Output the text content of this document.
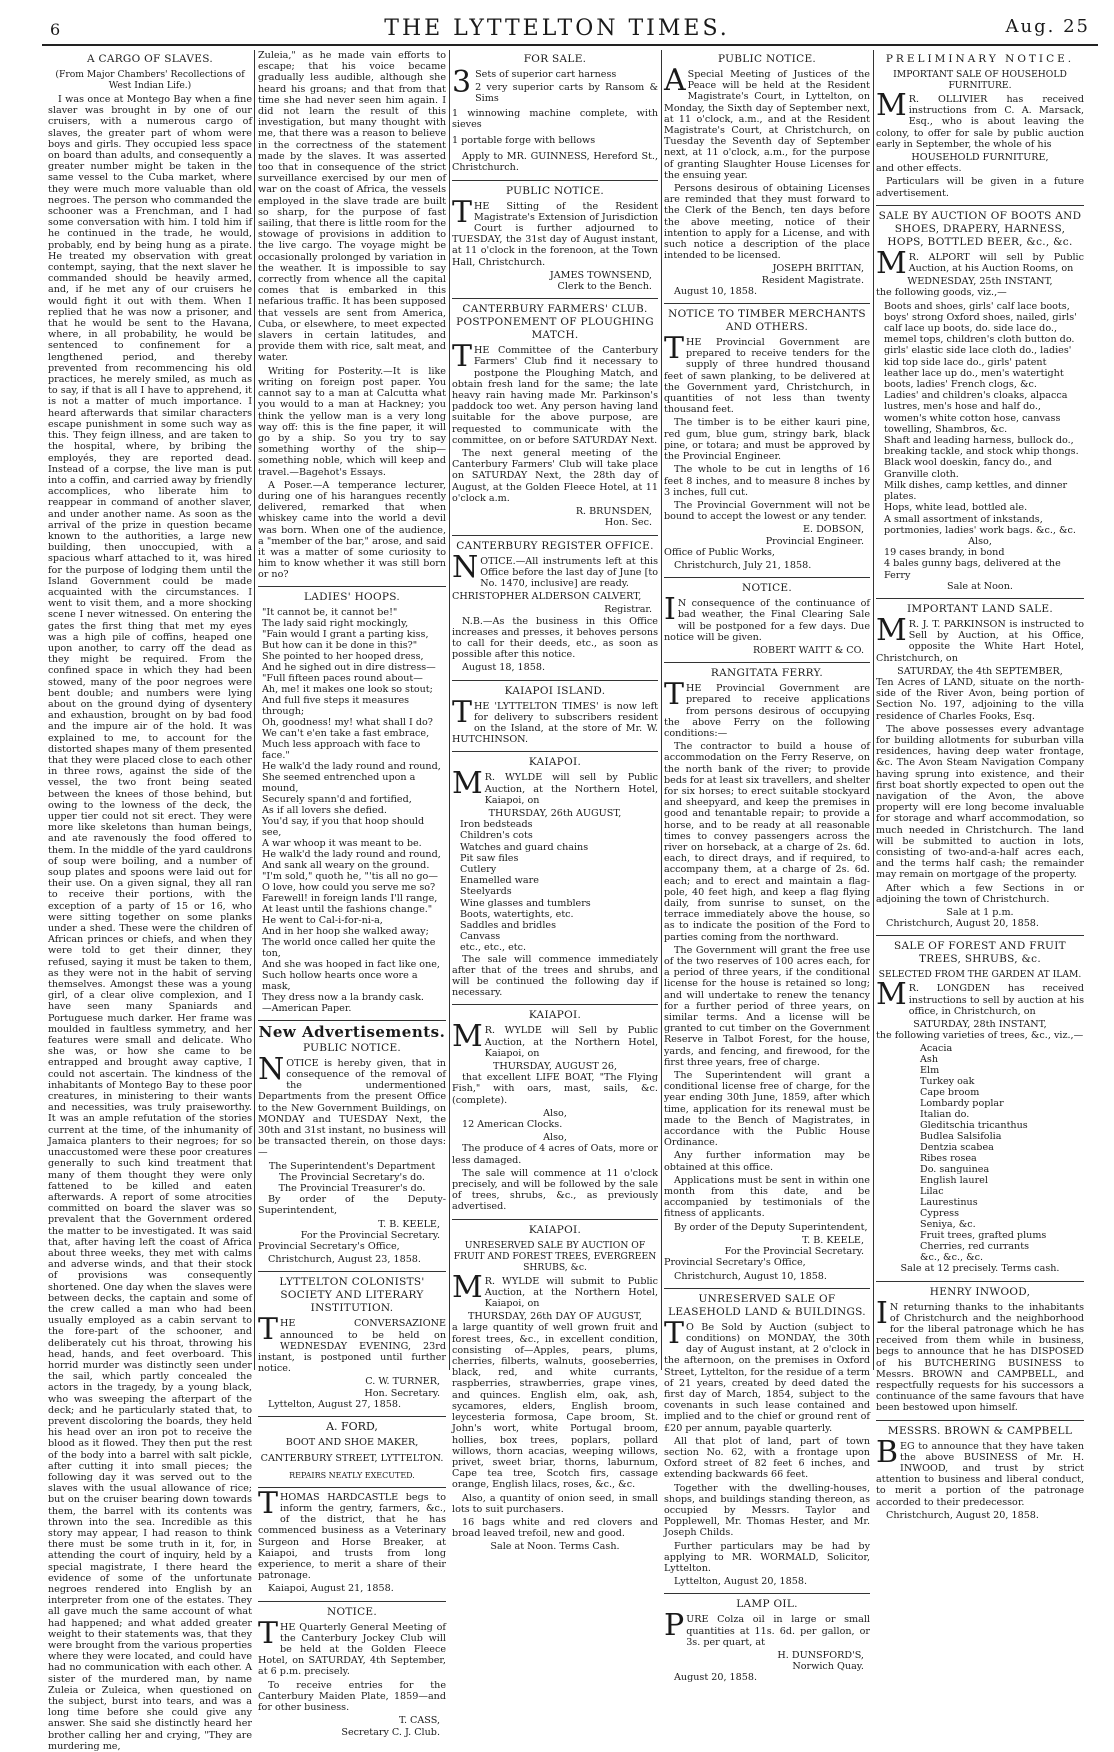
6	THE LYTTELTON TIMES.	Aug. 25
A CARGO OF SLAVES.
(From Major Chambers' Recollections of West Indian Life.)

I was once at Montego Bay when a fine slaver was brought in by one of our cruisers, with a numerous cargo of slaves, the greater part of whom were boys and girls. They occupied less space on board than adults, and consequently a greater number might be taken in the same vessel to the Cuba market, where they were much more valuable than old negroes. The person who commanded the schooner was a Frenchman, and I had some conversation with him. I told him if he continued in the trade, he would, probably, end by being hung as a pirate. He treated my observation with great contempt, saying, that the next slaver he commanded should be heavily armed, and, if he met any of our cruisers he would fight it out with them. When I replied that he was now a prisoner, and that he would be sent to the Havana, where, in all probability, he would be sentenced to confinement for a lengthened period, and thereby prevented from recommencing his old practices, he merely smiled, as much as to say, if that is all I have to apprehend, it is not a matter of much importance. I heard afterwards that similar characters escape punishment in some such way as this. They feign illness, and are taken to the hospital, where, by bribing the employés, they are reported dead. Instead of a corpse, the live man is put into a coffin, and carried away by friendly accomplices, who liberate him to reappear in command of another slaver, and under another name. As soon as the arrival of the prize in question became known to the authorities, a large new building, then unoccupied, with a spacious wharf attached to it, was hired for the purpose of lodging them until the Island Government could be made acquainted with the circumstances. I went to visit them, and a more shocking scene I never witnessed. On entering the gates the first thing that met my eyes was a high pile of coffins, heaped one upon another, to carry off the dead as they might be required. From the confined space in which they had been stowed, many of the poor negroes were bent double; and numbers were lying about on the ground dying of dysentery and exhaustion, brought on by bad food and the impure air of the hold. It was explained to me, to account for the distorted shapes many of them presented that they were placed close to each other in three rows, against the side of the vessel, the two front being seated between the knees of those behind, but owing to the lowness of the deck, the upper tier could not sit erect. They were more like skeletons than human beings, and ate ravenously the food offered to them. In the middle of the yard cauldrons of soup were boiling, and a number of soup plates and spoons were laid out for their use. On a given signal, they all ran to receive their portions, with the exception of a party of 15 or 16, who were sitting together on some planks under a shed. These were the children of African princes or chiefs, and when they were told to get their dinner, they refused, saying it must be taken to them, as they were not in the habit of serving themselves. Amongst these was a young girl, of a clear olive complexion, and I have seen many Spaniards and Portuguese much darker. Her frame was moulded in faultless symmetry, and her features were small and delicate. Who she was, or how she came to be entrapped and brought away captive, I could not ascertain. The kindness of the inhabitants of Montego Bay to these poor creatures, in ministering to their wants and necessities, was truly praiseworthy. It was an ample refutation of the stories current at the time, of the inhumanity of Jamaica planters to their negroes; for so unaccustomed were these poor creatures generally to such kind treatment that many of them thought they were only fattened to be killed and eaten afterwards. A report of some atrocities committed on board the slaver was so prevalent that the Government ordered the matter to be investigated. It was said that, after having left the coast of Africa about three weeks, they met with calms and adverse winds, and that their stock of provisions was consequently shortened. One day when the slaves were between decks, the captain and some of the crew called a man who had been usually employed as a cabin servant to the fore-part of the schooner, and deliberately cut his throat, throwing his head, hands, and feet overboard. This horrid murder was distinctly seen under the sail, which partly concealed the actors in the tragedy, by a young black, who was sweeping the afterpart of the deck; and he particularly stated that, to prevent discoloring the boards, they held his head over an iron pot to receive the blood as it flowed. They then put the rest of the body into a barrel with salt pickle, after cutting it into small pieces; the following day it was served out to the slaves with the usual allowance of rice; but on the cruiser bearing down towards them, the barrel with its contents was thrown into the sea. Incredible as this story may appear, I had reason to think there must be some truth in it, for, in attending the court of inquiry, held by a special magistrate, I there heard the evidence of some of the unfortunate negroes rendered into English by an interpreter from one of the estates. They all gave much the same account of what had happened; and what added greater weight to their statements was, that they were brought from the various properties where they were located, and could have had no communication with each other. A sister of the murdered man, by name Zuleia or Zuleica, when questioned on the subject, burst into tears, and was a long time before she could give any answer. She said she distinctly heard her brother calling her and crying, "They are murdering me,

Zuleia," as he made vain efforts to escape; that his voice became gradually less audible, although she heard his groans; and that from that time she had never seen him again. I did not learn the result of this investigation, but many thought with me, that there was a reason to believe in the correctness of the statement made by the slaves. It was asserted too that in consequence of the strict surveillance exercised by our men of war on the coast of Africa, the vessels employed in the slave trade are built so sharp, for the purpose of fast sailing, that there is little room for the stowage of provisions in addition to the live cargo. The voyage might be occasionally prolonged by variation in the weather. It is impossible to say correctly from whence all the capital comes that is embarked in this nefarious traffic. It has been supposed that vessels are sent from America, Cuba, or elsewhere, to meet expected slavers in certain latitudes, and provide them with rice, salt meat, and water.

Writing for Posterity.—It is like writing on foreign post paper. You cannot say to a man at Calcutta what you would to a man at Hackney; you think the yellow man is a very long way off: this is the fine paper, it will go by a ship. So you try to say something worthy of the ship—something noble, which will keep and travel.—Bagehot's Essays.

A Poser.—A temperance lecturer, during one of his harangues recently delivered, remarked that when whiskey came into the world a devil was born. When one of the audience, a "member of the bar," arose, and said it was a matter of some curiosity to him to know whether it was still born or no?

LADIES' HOOPS.

"It cannot be, it cannot be!"

The lady said right mockingly,

"Fain would I grant a parting kiss,

But how can it be done in this?"

She pointed to her hooped dress,

And he sighed out in dire distress—

"Full fifteen paces round about—

Ah, me! it makes one look so stout;

And full five steps it measures through;

Oh, goodness! my! what shall I do?

We can't e'en take a fast embrace,

Much less approach with face to face."

He walk'd the lady round and round,

She seemed entrenched upon a mound,

Securely spann'd and fortified,

As if all lovers she defied.

You'd say, if you that hoop should see,

A war whoop it was meant to be.

He walk'd the lady round and round,

And sank all weary on the ground.

"I'm sold," quoth he, "'tis all no go—

O love, how could you serve me so?

Farewell! in foreign lands I'll range,

At least until the fashions change."

He went to Cal-i-for-ni-a,

And in her hoop she walked away;

The world once called her quite the ton,

And she was hooped in fact like one,

Such hollow hearts once wore a mask,

They dress now a la brandy cask.

—American Paper.

New Advertisements.
PUBLIC NOTICE.

NOTICE is hereby given, that in consequence of the removal of the undermentioned Departments from the present Office to the New Government Buildings, on MONDAY and TUESDAY Next, the 30th and 31st instant, no business will be transacted therein, on those days:—

The Superintendent's Department

The Provincial Secretary's do.

The Provincial Treasurer's do.

By order of the Deputy-Superintendent,

T. B. KEELE,

For the Provincial Secretary.

Provincial Secretary's Office,

Christchurch, August 23, 1858.

LYTTELTON COLONISTS' SOCIETY AND LITERARY INSTITUTION.

THE CONVERSAZIONE announced to be held on WEDNESDAY EVENING, 23rd instant, is postponed until further notice.

C. W. TURNER,

Hon. Secretary.

Lyttelton, August 27, 1858.

A. FORD,

BOOT AND SHOE MAKER,

CANTERBURY STREET, LYTTELTON.

REPAIRS NEATLY EXECUTED.

THOMAS HARDCASTLE begs to inform the gentry, farmers, &c., of the district, that he has commenced business as a Veterinary Surgeon and Horse Breaker, at Kaiapoi, and trusts from long experience, to merit a share of their patronage.

Kaiapoi, August 21, 1858.

NOTICE.

THE Quarterly General Meeting of the Canterbury Jockey Club will be held at the Golden Fleece Hotel, on SATURDAY, 4th September, at 6 p.m. precisely.

To receive entries for the Canterbury Maiden Plate, 1859—and for other business.

T. CASS,

Secretary C. J. Club.

FOR SALE.
3 Sets of superior cart harness

2 very superior carts by Ransom & Sims

1 winnowing machine complete, with sieves

1 portable forge with bellows

Apply to MR. GUINNESS, Hereford St., Christchurch.

PUBLIC NOTICE.

THE Sitting of the Resident Magistrate's Extension of Jurisdiction Court is further adjourned to TUESDAY, the 31st day of August instant, at 11 o'clock in the forenoon, at the Town Hall, Christchurch.

JAMES TOWNSEND,

Clerk to the Bench.

CANTERBURY FARMERS' CLUB. POSTPONEMENT OF PLOUGHING MATCH.

THE Committee of the Canterbury Farmers' Club find it necessary to postpone the Ploughing Match, and obtain fresh land for the same; the late heavy rain having made Mr. Parkinson's paddock too wet. Any person having land suitable for the above purpose, are requested to communicate with the committee, on or before SATURDAY Next.

The next general meeting of the Canterbury Farmers' Club will take place on SATURDAY Next, the 28th day of August, at the Golden Fleece Hotel, at 11 o'clock a.m.

R. BRUNSDEN,

Hon. Sec.

CANTERBURY REGISTER OFFICE.

NOTICE.—All instruments left at this Office before the last day of June [to No. 1470, inclusive] are ready.

CHRISTOPHER ALDERSON CALVERT,

Registrar.

N.B.—As the business in this Office increases and presses, it behoves persons to call for their deeds, etc., as soon as possible after this notice.

August 18, 1858.

KAIAPOI ISLAND.

THE 'LYTTELTON TIMES' is now left for delivery to subscribers resident on the Island, at the store of Mr. W. HUTCHINSON.

KAIAPOI.

MR. WYLDE will sell by Public Auction, at the Northern Hotel, Kaiapoi, on

THURSDAY, 26th AUGUST,

Iron bedsteads

Children's cots

Watches and guard chains

Pit saw files

Cutlery

Enamelled ware

Steelyards

Wine glasses and tumblers

Boots, watertights, etc.

Saddles and bridles

Canvass

etc., etc., etc.

The sale will commence immediately after that of the trees and shrubs, and will be continued the following day if necessary.

KAIAPOI.

MR. WYLDE will Sell by Public Auction, at the Northern Hotel, Kaiapoi, on

THURSDAY, AUGUST 26,

that excellent LIFE BOAT, "The Flying Fish," with oars, mast, sails, &c. (complete).

Also,

12 American Clocks.

Also,

The produce of 4 acres of Oats, more or less damaged.

The sale will commence at 11 o'clock precisely, and will be followed by the sale of trees, shrubs, &c., as previously advertised.

KAIAPOI.
UNRESERVED SALE BY AUCTION OF FRUIT AND FOREST TREES, EVERGREEN SHRUBS, &c.

MR. WYLDE will submit to Public Auction, at the Northern Hotel, Kaiapoi, on

THURSDAY, 26th DAY OF AUGUST,

a large quantity of well grown fruit and forest trees, &c., in excellent condition, consisting of—Apples, pears, plums, cherries, filberts, walnuts, gooseberries, black, red, and white currants, raspberries, strawberries, grape vines, and quinces. English elm, oak, ash, sycamores, elders, English broom, leycesteria formosa, Cape broom, St. John's wort, white Portugal broom, hollies, box trees, poplars, pollard willows, thorn acacias, weeping willows, privet, sweet briar, thorns, laburnum, Cape tea tree, Scotch firs, cassage orange, English lilacs, roses, &c., &c.

Also, a quantity of onion seed, in small lots to suit purchasers.

16 bags white and red clovers and broad leaved trefoil, new and good.

Sale at Noon. Terms Cash.

PUBLIC NOTICE.

ASpecial Meeting of Justices of the Peace will be held at the Resident Magistrate's Court, in Lyttelton, on Monday, the Sixth day of September next, at 11 o'clock, a.m., and at the Resident Magistrate's Court, at Christchurch, on Tuesday the Seventh day of September next, at 11 o'clock, a.m., for the purpose of granting Slaughter House Licenses for the ensuing year.

Persons desirous of obtaining Licenses are reminded that they must forward to the Clerk of the Bench, ten days before the above meeting, notice of their intention to apply for a License, and with such notice a description of the place intended to be licensed.

JOSEPH BRITTAN,

Resident Magistrate.

August 10, 1858.

NOTICE TO TIMBER MERCHANTS AND OTHERS.

THE Provincial Government are prepared to receive tenders for the supply of three hundred thousand feet of sawn planking, to be delivered at the Government yard, Christchurch, in quantities of not less than twenty thousand feet.

The timber is to be either kauri pine, red gum, blue gum, stringy bark, black pine, or totara; and must be approved by the Provincial Engineer.

The whole to be cut in lengths of 16 feet 8 inches, and to measure 8 inches by 3 inches, full cut.

The Provincial Government will not be bound to accept the lowest or any tender.

E. DOBSON,

Provincial Engineer.

Office of Public Works,

Christchurch, July 21, 1858.

NOTICE.

IN consequence of the continuance of bad weather, the Final Clearing Sale will be postponed for a few days. Due notice will be given.

ROBERT WAITT & CO.

RANGITATA FERRY.

THE Provincial Government are prepared to receive applications from persons desirous of occupying the above Ferry on the following conditions:—

The contractor to build a house of accommodation on the Ferry Reserve, on the north bank of the river; to provide beds for at least six travellers, and shelter for six horses; to erect suitable stockyard and sheepyard, and keep the premises in good and tenantable repair; to provide a horse, and to be ready at all reasonable times to convey passengers across the river on horseback, at a charge of 2s. 6d. each, to direct drays, and if required, to accompany them, at a charge of 2s. 6d. each; and to erect and maintain a flag-pole, 40 feet high, and keep a flag flying daily, from sunrise to sunset, on the terrace immediately above the house, so as to indicate the position of the Ford to parties coming from the northward.

The Government will grant the free use of the two reserves of 100 acres each, for a period of three years, if the conditional license for the house is retained so long; and will undertake to renew the tenancy for a further period of three years, on similar terms. And a license will be granted to cut timber on the Government Reserve in Talbot Forest, for the house, yards, and fencing, and firewood, for the first three years, free of charge.

The Superintendent will grant a conditional license free of charge, for the year ending 30th June, 1859, after which time, application for its renewal must be made to the Bench of Magistrates, in accordance with the Public House Ordinance.

Any further information may be obtained at this office.

Applications must be sent in within one month from this date, and be accompanied by testimonials of the fitness of applicants.

By order of the Deputy Superintendent,

T. B. KEELE,

For the Provincial Secretary.

Provincial Secretary's Office,

Christchurch, August 10, 1858.

UNRESERVED SALE OF LEASEHOLD LAND & BUILDINGS.

TO Be Sold by Auction (subject to conditions) on MONDAY, the 30th day of August instant, at 2 o'clock in the afternoon, on the premises in Oxford Street, Lyttelton, for the residue of a term of 21 years, created by deed dated the first day of March, 1854, subject to the covenants in such lease contained and implied and to the chief or ground rent of £20 per annum, payable quarterly.

All that plot of land, part of town section No. 62, with a frontage upon Oxford street of 82 feet 6 inches, and extending backwards 66 feet.

Together with the dwelling-houses, shops, and buildings standing thereon, as occupied by Messrs. Taylor and Popplewell, Mr. Thomas Hester, and Mr. Joseph Childs.

Further particulars may be had by applying to MR. WORMALD, Solicitor, Lyttelton.

Lyttelton, August 20, 1858.

LAMP OIL.

PURE Colza oil in large or small quantities at 11s. 6d. per gallon, or 3s. per quart, at

H. DUNSFORD'S,

Norwich Quay.

August 20, 1858.

PRELIMINARY NOTICE.
IMPORTANT SALE OF HOUSEHOLD FURNITURE.

MR. OLLIVIER has received instructions from C. A. Marsack, Esq., who is about leaving the colony, to offer for sale by public auction early in September, the whole of his

HOUSEHOLD FURNITURE,

and other effects.

Particulars will be given in a future advertisement.

SALE BY AUCTION OF BOOTS AND SHOES, DRAPERY, HARNESS, HOPS, BOTTLED BEER, &c., &c.

MR. ALPORT will sell by Public Auction, at his Auction Rooms, on

WEDNESDAY, 25th INSTANT,

the following goods, viz.,—

Boots and shoes, girls' calf lace boots, boys' strong Oxford shoes, nailed, girls' calf lace up boots, do. side lace do., memel tops, children's cloth button do. girls' elastic side lace cloth do., ladies' kid top side lace do., girls' patent leather lace up do., men's watertight boots, ladies' French clogs, &c.

Ladies' and children's cloaks, alpacca lustres, men's hose and half do., women's white cotton hose, canvass towelling, Shambros, &c.

Shaft and leading harness, bullock do., breaking tackle, and stock whip thongs.

Black wool doeskin, fancy do., and Granville cloth.

Milk dishes, camp kettles, and dinner plates.

Hops, white lead, bottled ale.

A small assortment of inkstands, portmonies, ladies' work bags. &c., &c.

Also,

19 cases brandy, in bond

4 bales gunny bags, delivered at the Ferry

Sale at Noon.

IMPORTANT LAND SALE.

MR. J. T. PARKINSON is instructed to Sell by Auction, at his Office, opposite the White Hart Hotel, Christchurch, on

SATURDAY, the 4th SEPTEMBER,

Ten Acres of LAND, situate on the north-side of the River Avon, being portion of Section No. 197, adjoining to the villa residence of Charles Fooks, Esq.

The above possesses every advantage for building allotments for suburban villa residences, having deep water frontage, &c. The Avon Steam Navigation Company having sprung into existence, and their first boat shortly expected to open out the navigation of the Avon, the above property will ere long become invaluable for storage and wharf accommodation, so much needed in Christchurch. The land will be submitted to auction in lots, consisting of two-and-a-half acres each, and the terms half cash; the remainder may remain on mortgage of the property.

After which a few Sections in or adjoining the town of Christchurch.

Sale at 1 p.m.

Christchurch, August 20, 1858.

SALE OF FOREST AND FRUIT TREES, SHRUBS, &c.
SELECTED FROM THE GARDEN AT ILAM.

MR. LONGDEN has received instructions to sell by auction at his office, in Christchurch, on

SATURDAY, 28th INSTANT,

the following varieties of trees, &c., viz.,—

Acacia

Ash

Elm

Turkey oak

Cape broom

Lombardy poplar

Italian do.

Gleditschia tricanthus

Budlea Salsifolia

Dentzia scabea

Ribes rosea

Do. sanguinea

English laurel

Lilac

Laurestinus

Cypress

Seniya, &c.

Fruit trees, grafted plums

Cherries, red currants

&c., &c., &c.

Sale at 12 precisely. Terms cash.

HENRY INWOOD,

IN returning thanks to the inhabitants of Christchurch and the neighborhood for the liberal patronage which he has received from them while in business, begs to announce that he has DISPOSED of his BUTCHERING BUSINESS to Messrs. BROWN and CAMPBELL, and respectfully requests for his successors a continuance of the same favours that have been bestowed upon himself.

MESSRS. BROWN & CAMPBELL

BEG to announce that they have taken the above BUSINESS of Mr. H. INWOOD, and trust by strict attention to business and liberal conduct, to merit a portion of the patronage accorded to their predecessor.

Christchurch, August 20, 1858.
